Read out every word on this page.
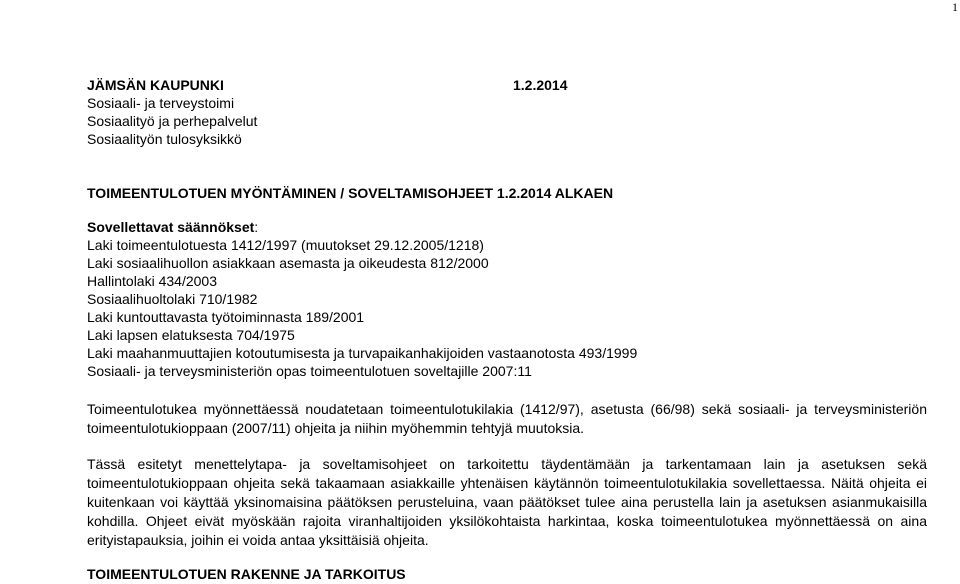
1
JÄMSÄN KAUPUNKI	1.2.2014
Sosiaali- ja terveystoimi
Sosiaalityö ja perhepalvelut
Sosiaalityön tulosyksikkö
TOIMEENTULOTUEN MYÖNTÄMINEN / SOVELTAMISOHJEET 1.2.2014 ALKAEN
Sovellettavat säännökset:
Laki toimeentulotuesta 1412/1997 (muutokset 29.12.2005/1218)
Laki sosiaalihuollon asiakkaan asemasta ja oikeudesta 812/2000
Hallintolaki 434/2003
Sosiaalihuoltolaki 710/1982
Laki kuntouttavasta työtoiminnasta 189/2001
Laki lapsen elatuksesta 704/1975
Laki maahanmuuttajien kotoutumisesta ja turvapaikanhakijoiden vastaanotosta 493/1999
Sosiaali- ja terveysministeriön opas toimeentulotuen soveltajille 2007:11
Toimeentulotukea myönnettäessä noudatetaan toimeentulotukilakia (1412/97), asetusta (66/98) sekä sosiaali- ja terveysministeriön toimeentulotukioppaan (2007/11) ohjeita ja niihin myöhemmin tehtyjä muutoksia.
Tässä esitetyt menettelytapa- ja soveltamisohjeet on tarkoitettu täydentämään ja tarkentamaan lain ja asetuksen sekä toimeentulotukioppaan ohjeita sekä takaamaan asiakkaille yhtenäisen käytännön toimeentulotukilakia sovellettaessa. Näitä ohjeita ei kuitenkaan voi käyttää yksinomaisina päätöksen perusteluina, vaan päätökset tulee aina perustella lain ja asetuksen asianmukaisilla kohdilla. Ohjeet eivät myöskään rajoita viranhaltijoiden yksilökohtaista harkintaa, koska toimeentulotukea myönnettäessä on aina erityistapauksia, joihin ei voida antaa yksittäisiä ohjeita.
TOIMEENTULOTUEN RAKENNE JA TARKOITUS
